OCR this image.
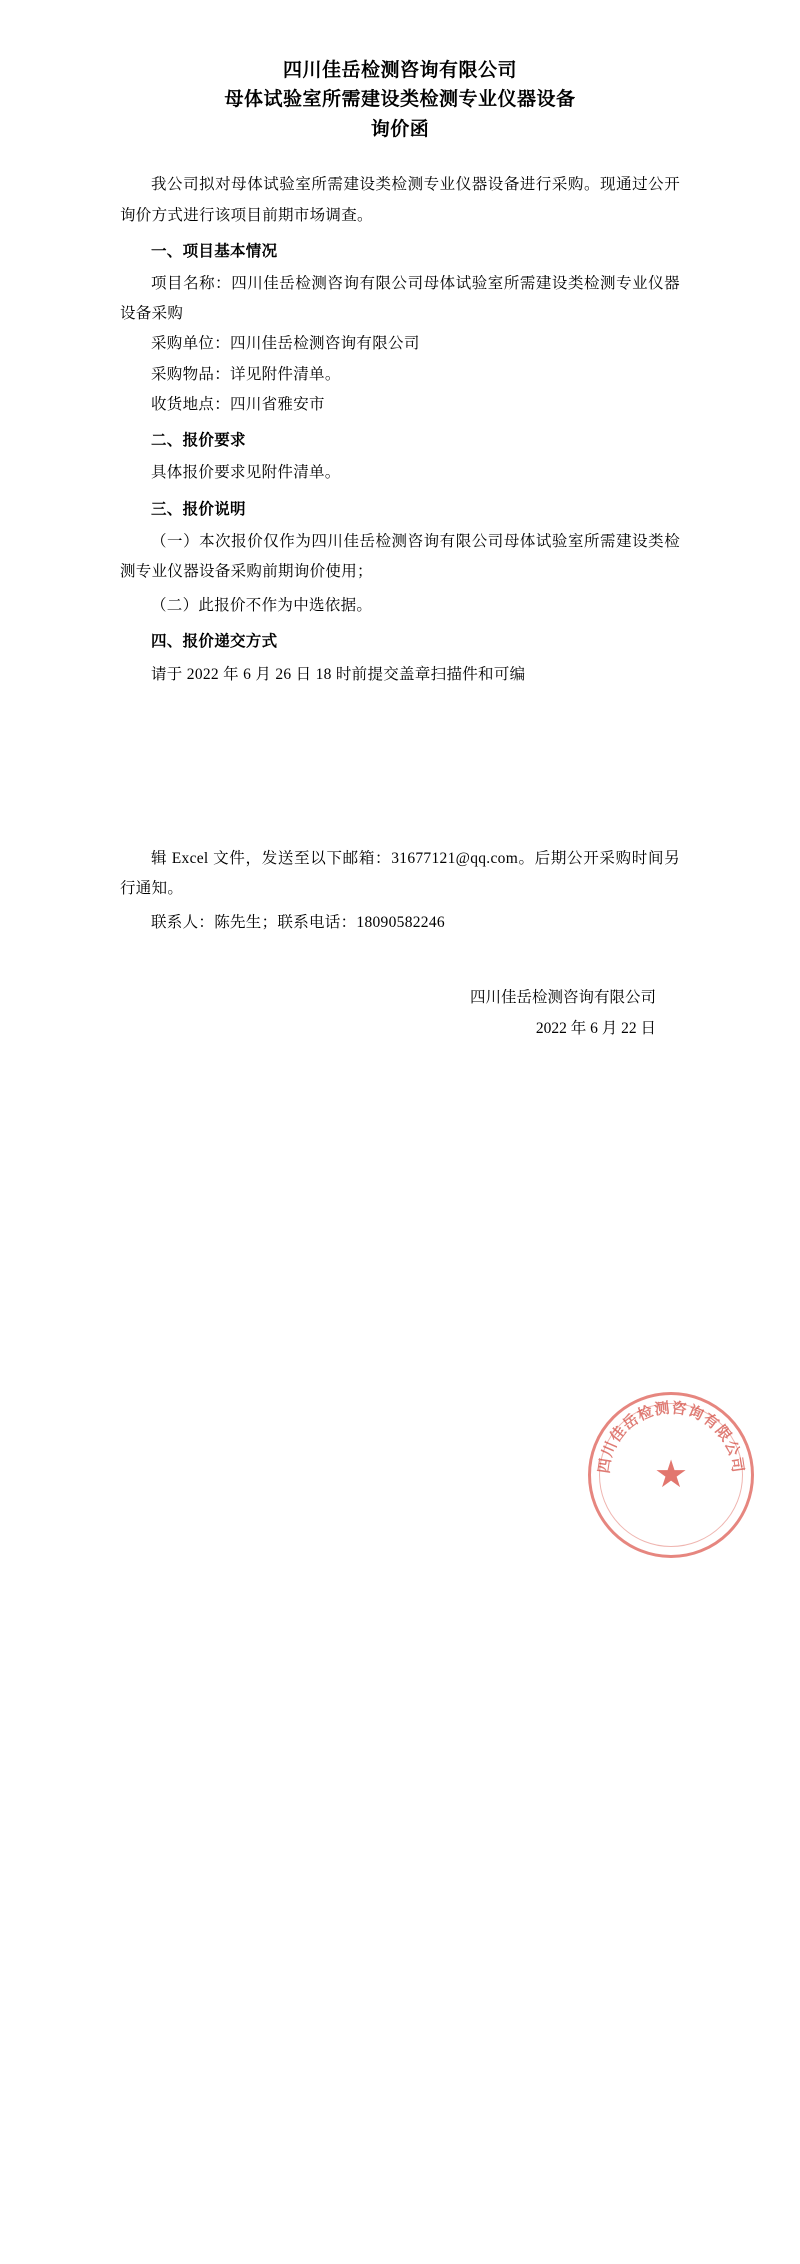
四川佳岳检测咨询有限公司
母体试验室所需建设类检测专业仪器设备
询价函

我公司拟对母体试验室所需建设类检测专业仪器设备进行采购。现通过公开询价方式进行该项目前期市场调查。

一、项目基本情况

项目名称：四川佳岳检测咨询有限公司母体试验室所需建设类检测专业仪器设备采购

采购单位：四川佳岳检测咨询有限公司

采购物品：详见附件清单。

收货地点：四川省雅安市

二、报价要求

具体报价要求见附件清单。

三、报价说明

（一）本次报价仅作为四川佳岳检测咨询有限公司母体试验室所需建设类检测专业仪器设备采购前期询价使用；

（二）此报价不作为中选依据。

四、报价递交方式

请于 2022 年 6 月 26 日 18 时前提交盖章扫描件和可编

辑 Excel 文件，发送至以下邮箱：31677121@qq.com。后期公开采购时间另行通知。

联系人：陈先生；联系电话：18090582246

四川佳岳检测咨询有限公司
2022 年 6 月 22 日
四川佳岳检测咨询有限公司
★
